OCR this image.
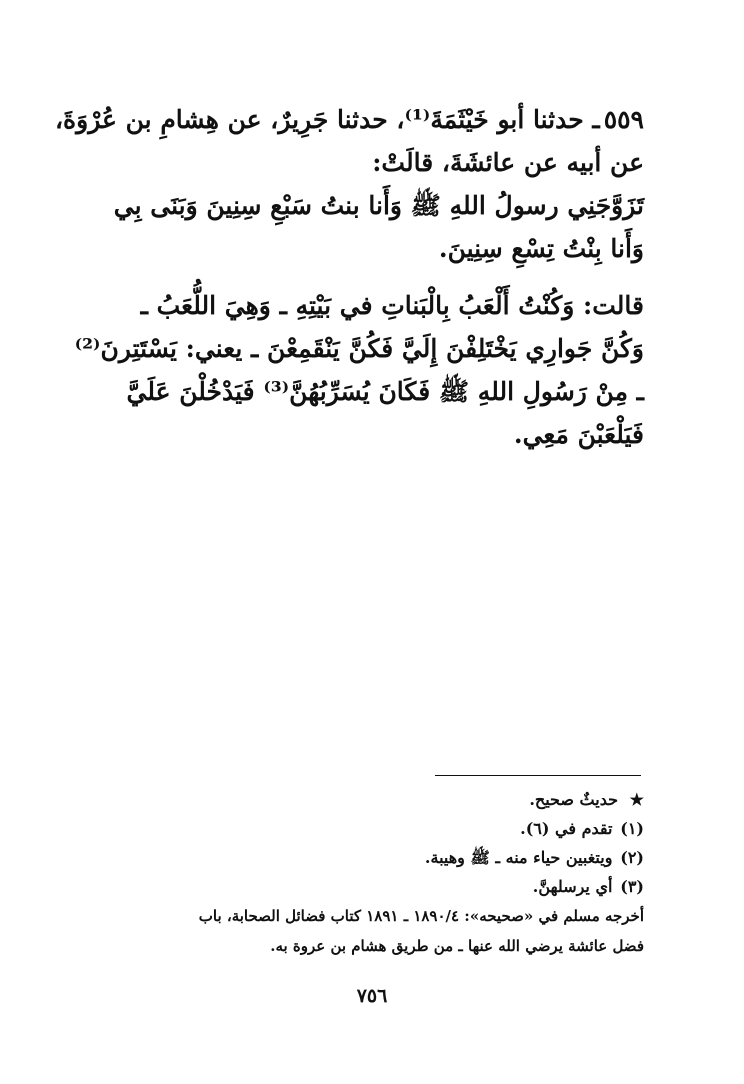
٥٥٩ـ حدثنا أبو خَيْثَمَةَ⁽¹⁾، حدثنا جَرِيرٌ، عن هِشامِ بن عُرْوَةَ،
عن أبيه عن عائشَةَ، قالَتْ:
تَزَوَّجَنِي رسولُ اللهِ ﷺ وَأَنا بنتُ سَبْعِ سِنِينَ وَبَنَى بِي
وَأَنا بِنْتُ تِسْعِ سِنِينَ.
قالت: وَكُنْتُ أَلْعَبُ بِالْبَناتِ في بَيْتِهِ ـ وَهِيَ اللُّعَبُ ـ
وَكُنَّ جَوارِي يَخْتَلِفْنَ إِلَيَّ فَكُنَّ يَنْقَمِعْنَ ـ يعني: يَسْتَتِرنَ⁽²⁾
ـ مِنْ رَسُولِ اللهِ ﷺ فَكَانَ يُسَرِّبُهُنَّ⁽³⁾ فَيَدْخُلْنَ عَلَيَّ
فَيَلْعَبْنَ مَعِي.
★حديثٌ صحيح.
(١) تقدم في (٦).
(٢) ويتغبين حياء منه ـ ﷺ وهيبة.
(٣) أي يرسلهنَّ.
أخرجه مسلم في «صحيحه»: ١٨٩٠/٤ ـ ١٨٩١ كتاب فضائل الصحابة، باب
فضل عائشة يرضي الله عنها ـ من طريق هشام بن عروة به.
٧٥٦
